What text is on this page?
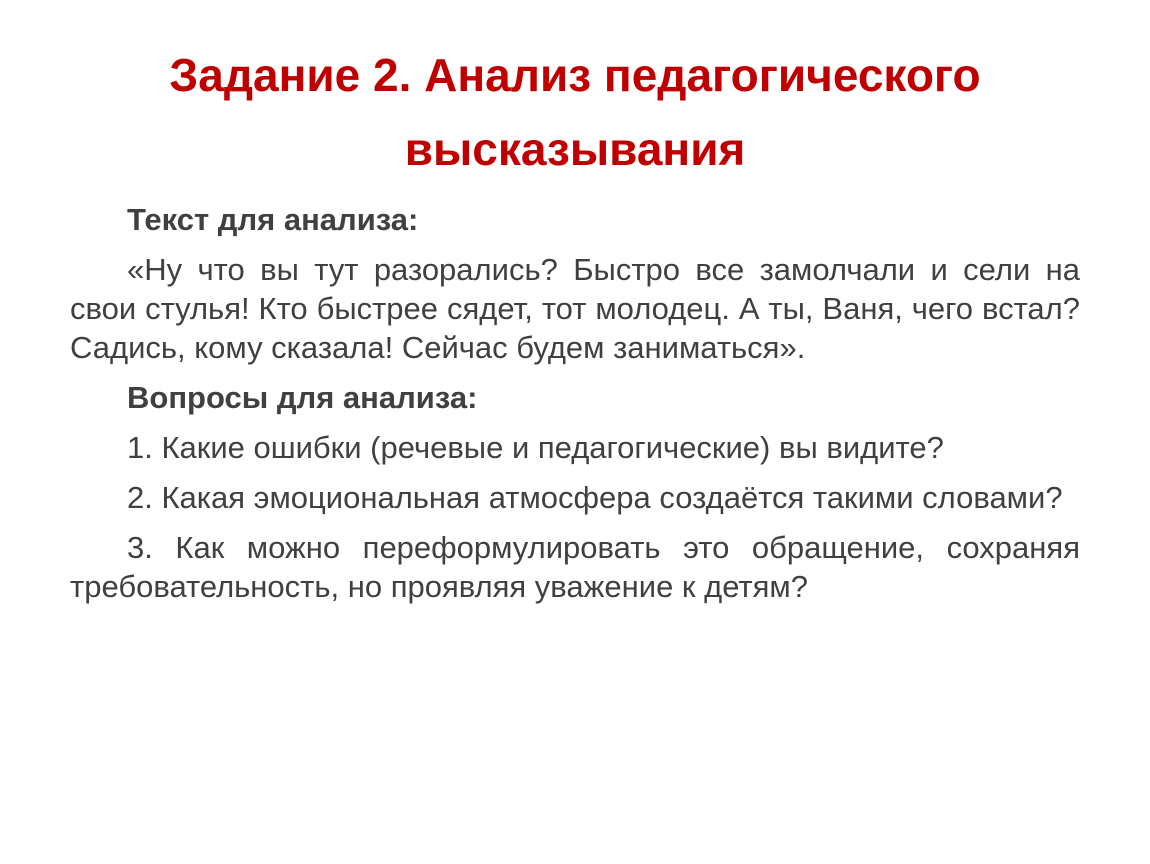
Задание 2. Анализ педагогического высказывания

Текст для анализа:

«Ну что вы тут разорались? Быстро все замолчали и сели на свои стулья! Кто быстрее сядет, тот молодец. А ты, Ваня, чего встал? Садись, кому сказала! Сейчас будем заниматься».

Вопросы для анализа:

1. Какие ошибки (речевые и педагогические) вы видите?

2. Какая эмоциональная атмосфера создаётся такими словами?

3. Как можно переформулировать это обращение, сохраняя требовательность, но проявляя уважение к детям?
